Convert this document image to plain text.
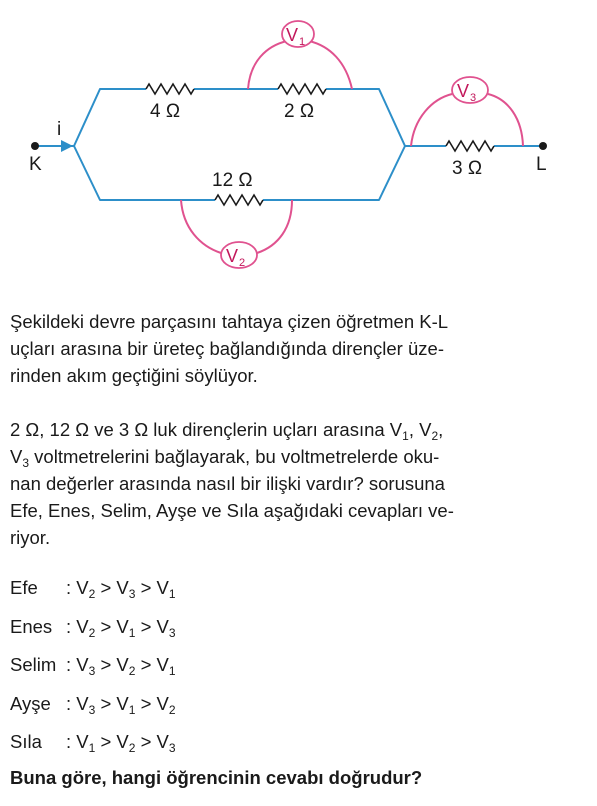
$V_1$
$V_2$
$V_3$
i
K	L
4 Ω	2 Ω
12 Ω
3 Ω
Şekildeki devre parçasını tahtaya çizen öğretmen K-L
uçları arasına bir üreteç bağlandığında dirençler üze-
rinden akım geçtiğini söylüyor.
2 Ω, 12 Ω ve 3 Ω luk dirençlerin uçları arasına $V_1$, $V_2$,
$V_3$ voltmetrelerini bağlayarak, bu voltmetrelerde oku-
nan değerler arasında nasıl bir ilişki vardır? sorusuna
Efe, Enes, Selim, Ayşe ve Sıla aşağıdaki cevapları ve-
riyor.
Efe	: $V_2 > V_3 > V_1$
Enes : $V_2 > V_1 > V_3$
Selim : $V_3 > V_2 > V_1$
Ayşe : $V_3 > V_1 > V_2$
Sıla	: $V_1 > V_2 > V_3$
Buna göre, hangi öğrencinin cevabı doğrudur?
